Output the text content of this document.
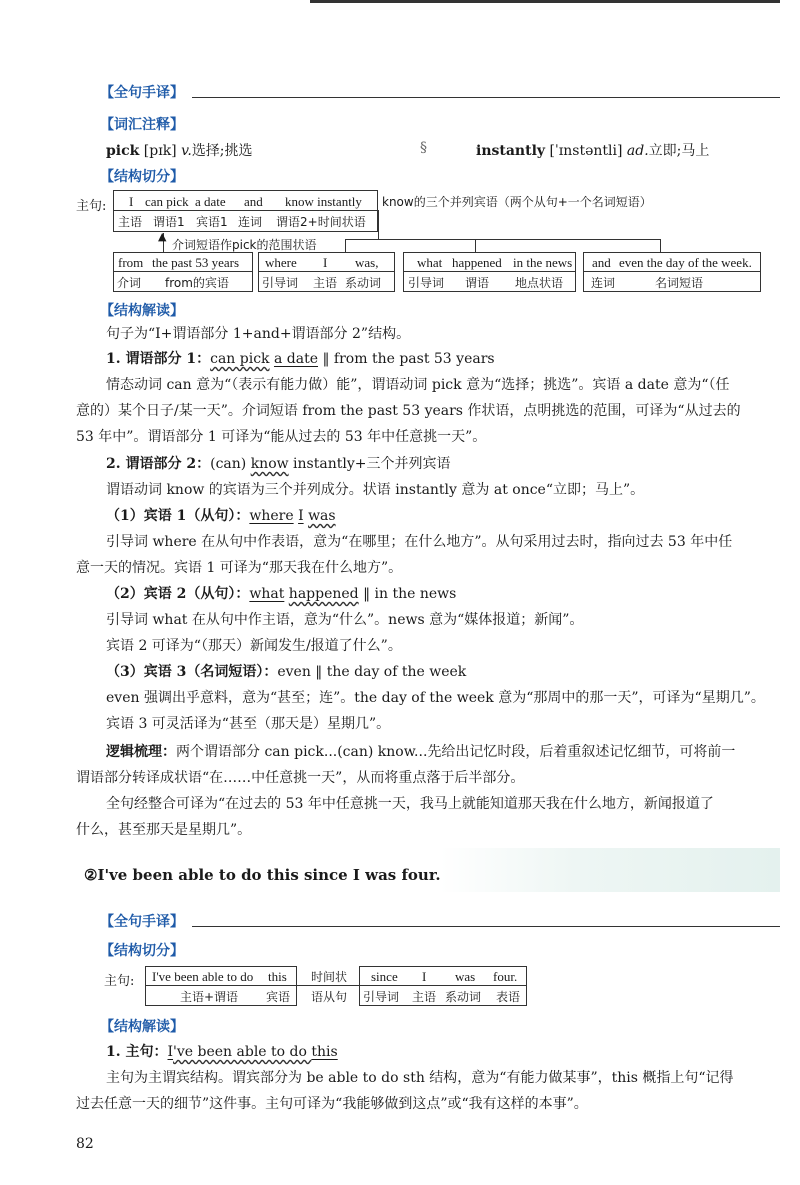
【全句手译】
【词汇注释】
pick [pɪk] v.选择;挑选	§	instantly [ˈɪnstəntli] ad.立即;马上
【结构切分】
主句: I can pick a date and know instantly
主语 谓语1 宾语1 连词 谓语2+时间状语
know的三个并列宾语（两个从句+一个名词短语）
▲
介词短语作pick的范围状语
from the past 53 years
介词 from的宾语
where I was,
引导词 主语 系动词
what happened in the news
引导词 谓语 地点状语
and even the day of the week.
连词	名词短语
【结构解读】
句子为“I+谓语部分 1+and+谓语部分 2”结构。
1. 谓语部分 1：can pick a date ‖ from the past 53 years
情态动词 can 意为“（表示有能力做）能”，谓语动词 pick 意为“选择；挑选”。宾语 a date 意为“（任
意的）某个日子/某一天”。介词短语 from the past 53 years 作状语，点明挑选的范围，可译为“从过去的
53 年中”。谓语部分 1 可译为“能从过去的 53 年中任意挑一天”。
2. 谓语部分 2：(can) know instantly+三个并列宾语
谓语动词 know 的宾语为三个并列成分。状语 instantly 意为 at once“立即；马上”。
（1）宾语 1（从句）：where I was
引导词 where 在从句中作表语，意为“在哪里；在什么地方”。从句采用过去时，指向过去 53 年中任
意一天的情况。宾语 1 可译为“那天我在什么地方”。
（2）宾语 2（从句）：what happened ‖ in the news
引导词 what 在从句中作主语，意为“什么”。news 意为“媒体报道；新闻”。
宾语 2 可译为“（那天）新闻发生/报道了什么”。
（3）宾语 3（名词短语）：even ‖ the day of the week
even 强调出乎意料，意为“甚至；连”。the day of the week 意为“那周中的那一天”，可译为“星期几”。
宾语 3 可灵活译为“甚至（那天是）星期几”。
逻辑梳理：两个谓语部分 can pick...(can) know...先给出记忆时段，后着重叙述记忆细节，可将前一
谓语部分转译成状语“在……中任意挑一天”，从而将重点落于后半部分。
全句经整合可译为“在过去的 53 年中任意挑一天，我马上就能知道那天我在什么地方，新闻报道了
什么，甚至那天是星期几”。
②I've been able to do this since I was four.
【全句手译】
【结构切分】
主句: I've been able to do this
主语+谓语 宾语
时间状
语从句
since I was four.
引导词 主语 系动词 表语
【结构解读】
1. 主句：I've been able to do this
主句为主谓宾结构。谓宾部分为 be able to do sth 结构，意为“有能力做某事”，this 概指上句“记得
过去任意一天的细节”这件事。主句可译为“我能够做到这点”或“我有这样的本事”。
82
